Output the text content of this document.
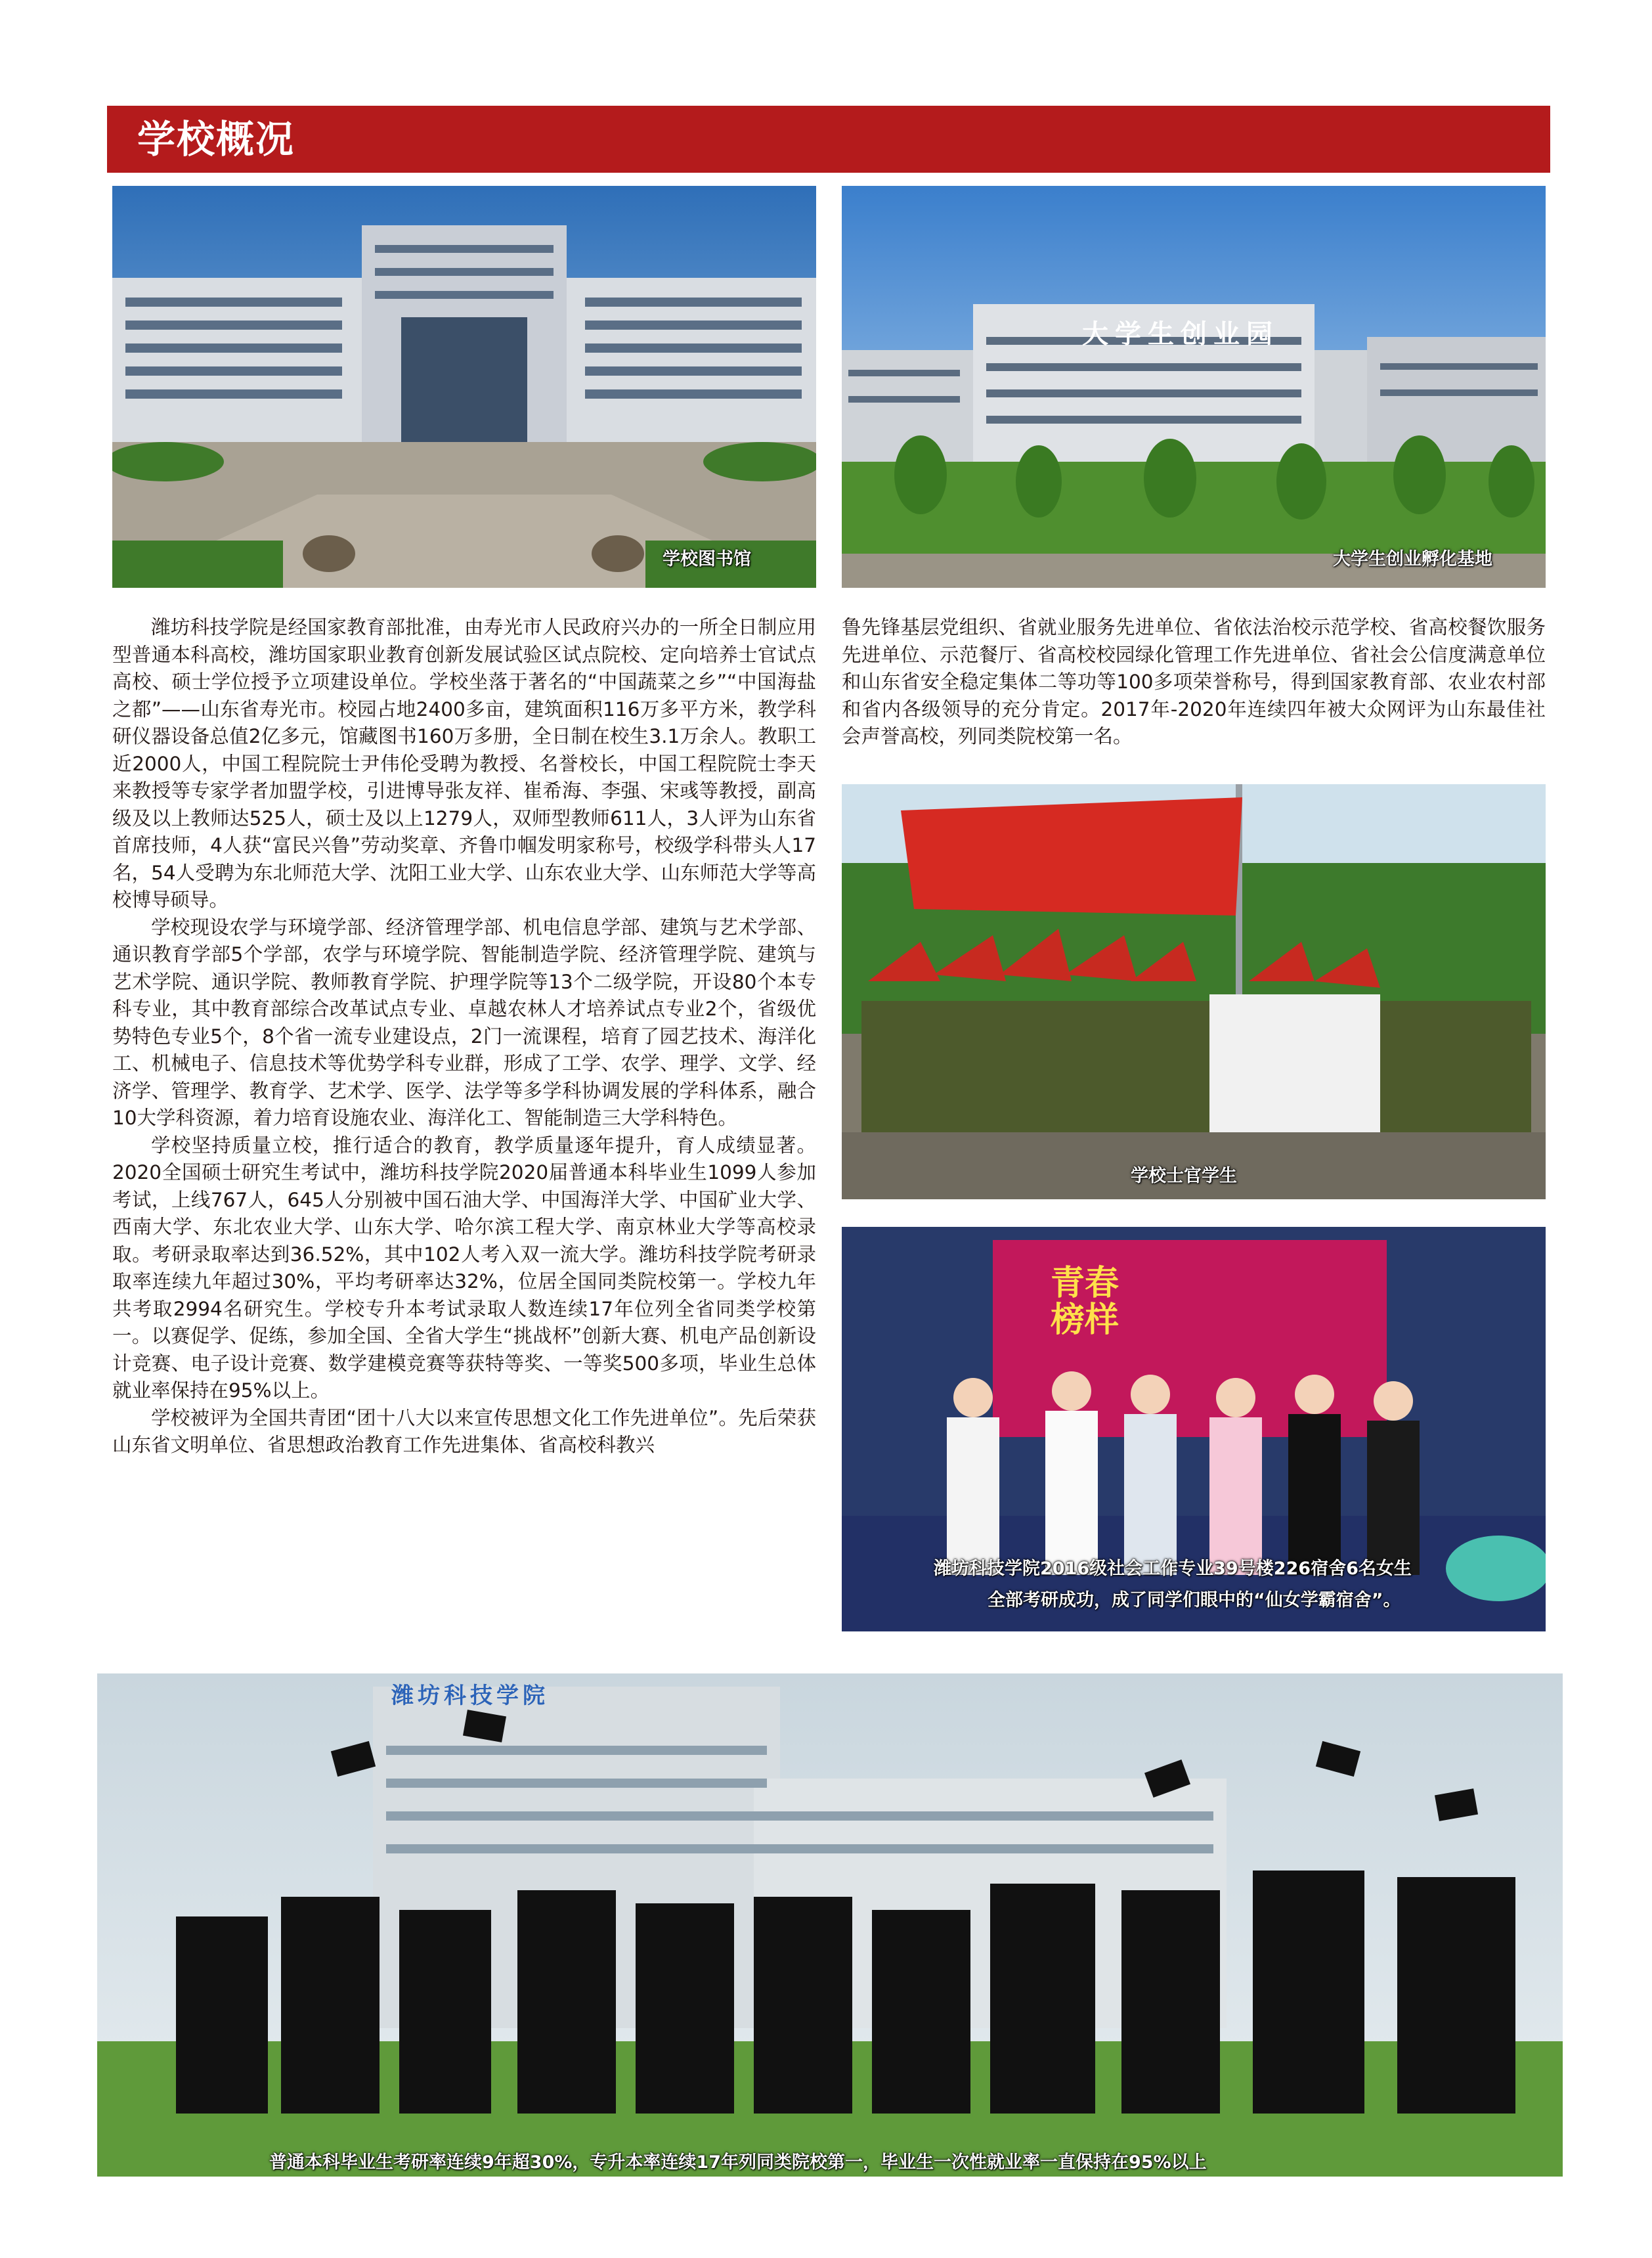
学校概况
学校图书馆
大学生创业园
大学生创业孵化基地

潍坊科技学院是经国家教育部批准，由寿光市人民政府兴办的一所全日制应用型普通本科高校，潍坊国家职业教育创新发展试验区试点院校、定向培养士官试点高校、硕士学位授予立项建设单位。学校坐落于著名的“中国蔬菜之乡”“中国海盐之都”——山东省寿光市。校园占地2400多亩，建筑面积116万多平方米，教学科研仪器设备总值2亿多元，馆藏图书160万多册，全日制在校生3.1万余人。教职工近2000人，中国工程院院士尹伟伦受聘为教授、名誉校长，中国工程院院士李天来教授等专家学者加盟学校，引进博导张友祥、崔希海、李强、宋彧等教授，副高级及以上教师达525人，硕士及以上1279人，双师型教师611人，3人评为山东省首席技师，4人获“富民兴鲁”劳动奖章、齐鲁巾帼发明家称号，校级学科带头人17名，54人受聘为东北师范大学、沈阳工业大学、山东农业大学、山东师范大学等高校博导硕导。

学校现设农学与环境学部、经济管理学部、机电信息学部、建筑与艺术学部、通识教育学部5个学部，农学与环境学院、智能制造学院、经济管理学院、建筑与艺术学院、通识学院、教师教育学院、护理学院等13个二级学院，开设80个本专科专业，其中教育部综合改革试点专业、卓越农林人才培养试点专业2个，省级优势特色专业5个，8个省一流专业建设点，2门一流课程，培育了园艺技术、海洋化工、机械电子、信息技术等优势学科专业群，形成了工学、农学、理学、文学、经济学、管理学、教育学、艺术学、医学、法学等多学科协调发展的学科体系，融合10大学科资源，着力培育设施农业、海洋化工、智能制造三大学科特色。

学校坚持质量立校，推行适合的教育，教学质量逐年提升，育人成绩显著。2020全国硕士研究生考试中，潍坊科技学院2020届普通本科毕业生1099人参加考试，上线767人，645人分别被中国石油大学、中国海洋大学、中国矿业大学、西南大学、东北农业大学、山东大学、哈尔滨工程大学、南京林业大学等高校录取。考研录取率达到36.52%，其中102人考入双一流大学。潍坊科技学院考研录取率连续九年超过30%，平均考研率达32%，位居全国同类院校第一。学校九年共考取2994名研究生。学校专升本考试录取人数连续17年位列全省同类学校第一。以赛促学、促练，参加全国、全省大学生“挑战杯”创新大赛、机电产品创新设计竞赛、电子设计竞赛、数学建模竞赛等获特等奖、一等奖500多项，毕业生总体就业率保持在95%以上。

学校被评为全国共青团“团十八大以来宣传思想文化工作先进单位”。先后荣获山东省文明单位、省思想政治教育工作先进集体、省高校科教兴

鲁先锋基层党组织、省就业服务先进单位、省依法治校示范学校、省高校餐饮服务先进单位、示范餐厅、省高校校园绿化管理工作先进单位、省社会公信度满意单位和山东省安全稳定集体二等功等100多项荣誉称号，得到国家教育部、农业农村部和省内各级领导的充分肯定。2017年-2020年连续四年被大众网评为山东最佳社会声誉高校，列同类院校第一名。

学校士官学生
青春榜样
潍坊科技学院2016级社会工作专业39号楼226宿舍6名女生
全部考研成功，成了同学们眼中的“仙女学霸宿舍”。
潍坊科技学院
普通本科毕业生考研率连续9年超30%，专升本率连续17年列同类院校第一，毕业生一次性就业率一直保持在95%以上
